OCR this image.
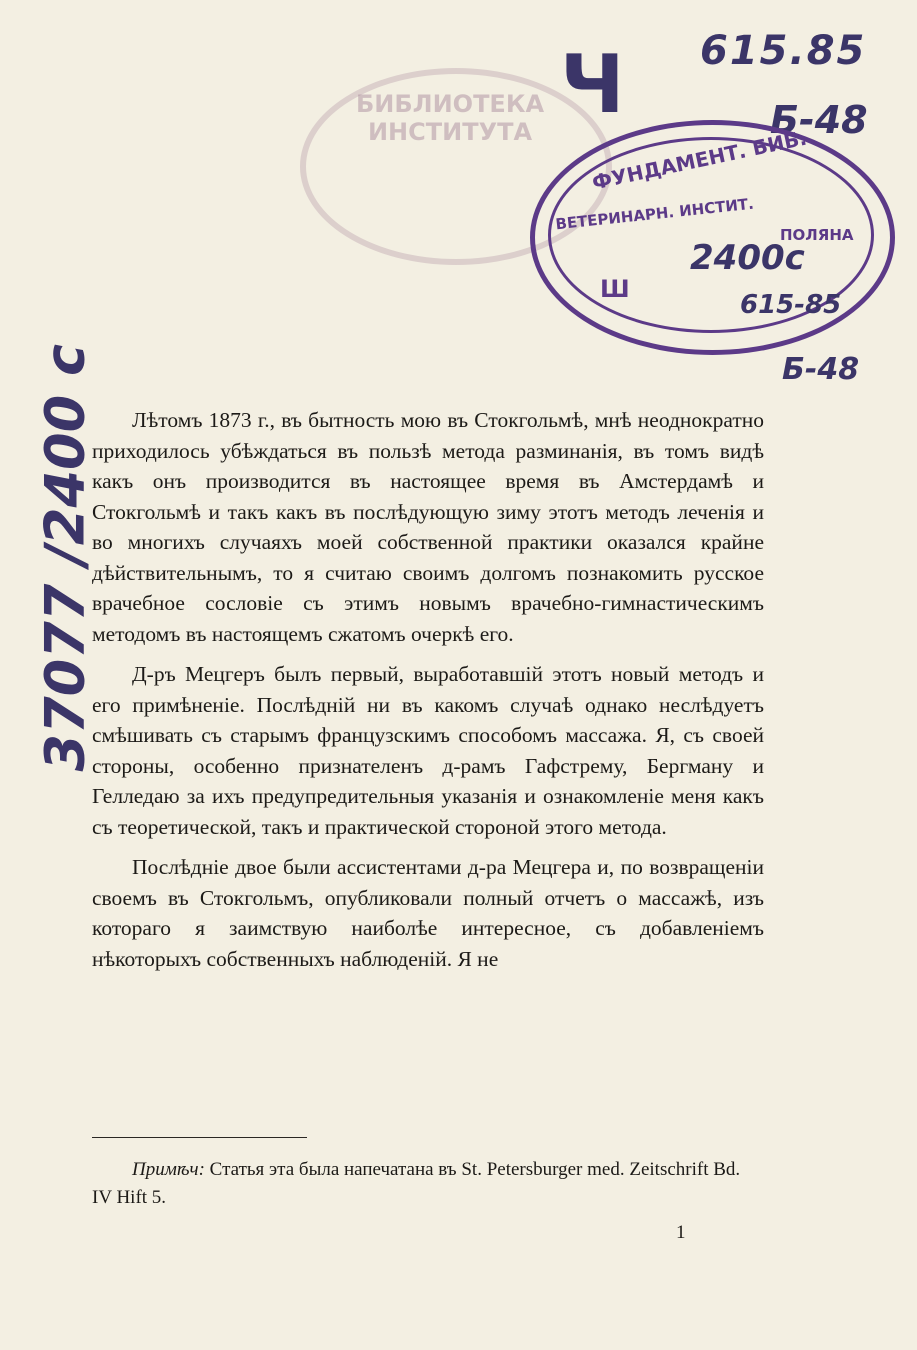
БИБЛИОТЕКА ИНСТИТУТА
Ч 615.85
Б-48
ФУНДАМЕНТ. БИБ.
ВЕТЕРИНАРН. ИНСТИТ.
ПОЛЯНА
2400с
Ш
615-85
Б-48
37077 /2400 с	Лѣтомъ 1873 г., въ бытность мою въ Стокгольмѣ, мнѣ неоднократно приходилось убѣждаться въ пользѣ метода разминанія, въ томъ видѣ какъ онъ производится въ настоящее время въ Амстердамѣ и Стокгольмѣ и такъ какъ въ послѣдующую зиму этотъ методъ леченія и во многихъ случаяхъ моей собственной практики оказался крайне дѣйствительнымъ, то я считаю своимъ долгомъ познакомить русское врачебное сословіе съ этимъ новымъ врачебно-гимнастическимъ методомъ въ настоящемъ сжатомъ очеркѣ его.

Д-ръ Мецгеръ былъ первый, выработавшій этотъ новый методъ и его примѣненіе. Послѣдній ни въ какомъ случаѣ однако неслѣдуетъ смѣшивать съ старымъ французскимъ способомъ массажа. Я, съ своей стороны, особенно признателенъ д-рамъ Гафстрему, Бергману и Гелледаю за ихъ предупредительныя указанія и ознакомленіе меня какъ съ теоретической, такъ и практической стороной этого метода.

Послѣдніе двое были ассистентами д-ра Мецгера и, по возвращеніи своемъ въ Стокгольмъ, опубликовали полный отчетъ о массажѣ, изъ котораго я заимствую наиболѣе интересное, съ добавленіемъ нѣкоторыхъ собственныхъ наблюденій. Я не

Примѣч: Статья эта была напечатана въ St. Petersburger med. Zeitschrift Bd. IV Hift 5.
1
